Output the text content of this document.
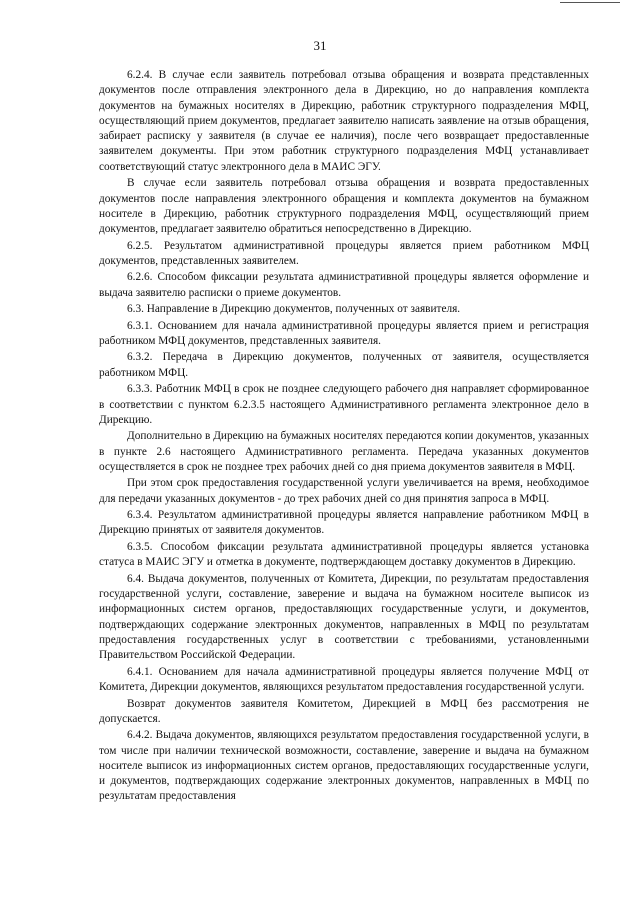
31

6.2.4. В случае если заявитель потребовал отзыва обращения и возврата представленных документов после отправления электронного дела в Дирекцию, но до направления комплекта документов на бумажных носителях в Дирекцию, работник структурного подразделения МФЦ, осуществляющий прием документов, предлагает заявителю написать заявление на отзыв обращения, забирает расписку у заявителя (в случае ее наличия), после чего возвращает предоставленные заявителем документы. При этом работник структурного подразделения МФЦ устанавливает соответствующий статус электронного дела в МАИС ЭГУ.

В случае если заявитель потребовал отзыва обращения и возврата предоставленных документов после направления электронного обращения и комплекта документов на бумажном носителе в Дирекцию, работник структурного подразделения МФЦ, осуществляющий прием документов, предлагает заявителю обратиться непосредственно в Дирекцию.

6.2.5. Результатом административной процедуры является прием работником МФЦ документов, представленных заявителем.

6.2.6. Способом фиксации результата административной процедуры является оформление и выдача заявителю расписки о приеме документов.

6.3. Направление в Дирекцию документов, полученных от заявителя.

6.3.1. Основанием для начала административной процедуры является прием и регистрация работником МФЦ документов, представленных заявителя.

6.3.2. Передача в Дирекцию документов, полученных от заявителя, осуществляется работником МФЦ.

6.3.3. Работник МФЦ в срок не позднее следующего рабочего дня направляет сформированное в соответствии с пунктом 6.2.3.5 настоящего Административного регламента электронное дело в Дирекцию.

Дополнительно в Дирекцию на бумажных носителях передаются копии документов, указанных в пункте 2.6 настоящего Административного регламента. Передача указанных документов осуществляется в срок не позднее трех рабочих дней со дня приема документов заявителя в МФЦ.

При этом срок предоставления государственной услуги увеличивается на время, необходимое для передачи указанных документов - до трех рабочих дней со дня принятия запроса в МФЦ.

6.3.4. Результатом административной процедуры является направление работником МФЦ в Дирекцию принятых от заявителя документов.

6.3.5. Способом фиксации результата административной процедуры является установка статуса в МАИС ЭГУ и отметка в документе, подтверждающем доставку документов в Дирекцию.

6.4. Выдача документов, полученных от Комитета, Дирекции, по результатам предоставления государственной услуги, составление, заверение и выдача на бумажном носителе выписок из информационных систем органов, предоставляющих государственные услуги, и документов, подтверждающих содержание электронных документов, направленных в МФЦ по результатам предоставления государственных услуг в соответствии с требованиями, установленными Правительством Российской Федерации.

6.4.1. Основанием для начала административной процедуры является получение МФЦ от Комитета, Дирекции документов, являющихся результатом предоставления государственной услуги.

Возврат документов заявителя Комитетом, Дирекцией в МФЦ без рассмотрения не допускается.

6.4.2. Выдача документов, являющихся результатом предоставления государственной услуги, в том числе при наличии технической возможности, составление, заверение и выдача на бумажном носителе выписок из информационных систем органов, предоставляющих государственные услуги, и документов, подтверждающих содержание электронных документов, направленных в МФЦ по результатам предоставления
